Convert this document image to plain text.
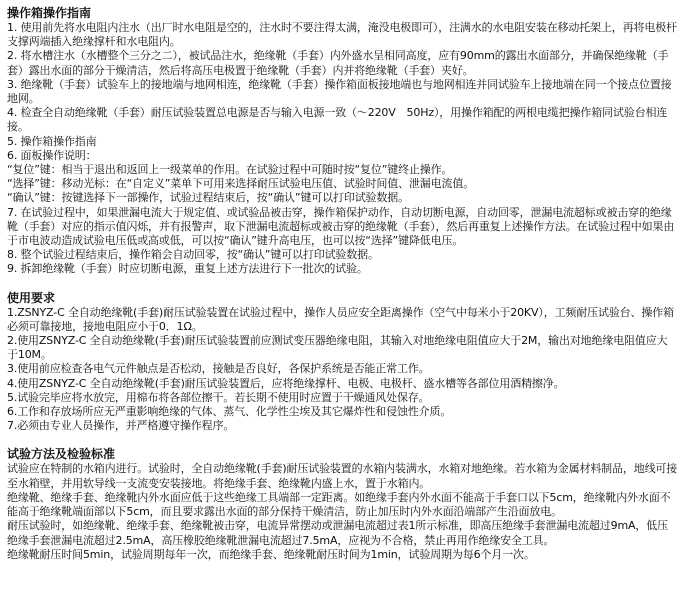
操作箱操作指南

1. 使用前先将水电阻内注水（出厂时水电阻是空的，注水时不要注得太满，淹没电极即可），注满水的水电阻安装在移动托架上，再将电极杆支撑两端插入绝缘撑杆和水电阻内。

2. 将水槽注水（水槽整个三分之二），被试品注水，绝缘靴（手套）内外盛水呈相同高度，应有90mm的露出水面部分，并确保绝缘靴（手套）露出水面的部分干燥清洁，然后将高压电极置于绝缘靴（手套）内并将绝缘靴（手套）夹好。

3. 绝缘靴（手套）试验车上的接地端与地网相连，绝缘靴（手套）操作箱面板接地端也与地网相连并同试验车上接地端在同一个接点位置接地网。

4. 检查全自动绝缘靴（手套）耐压试验装置总电源是否与输入电源一致（～220V　50Hz），用操作箱配的两根电缆把操作箱同试验台相连接。

5. 操作箱操作指南

6. 面板操作说明：

“复位”键：相当于退出和返回上一级菜单的作用。在试验过程中可随时按“复位”键终止操作。

“选择”键：移动光标：在“自定义”菜单下可用来选择耐压试验电压值、试验时间值、泄漏电流值。

“确认”键：按键选择下一部操作，试验过程结束后，按“确认”键可以打印试验数据。

7. 在试验过程中，如果泄漏电流大于规定值、或试验品被击穿，操作箱保护动作，自动切断电源，自动回零，泄漏电流超标或被击穿的绝缘靴（手套）对应的指示值闪烁，并有报警声，取下泄漏电流超标或被击穿的绝缘靴（手套），然后再重复上述操作方法。在试验过程中如果由于市电波动造成试验电压低或高或低，可以按“确认”键升高电压，也可以按“选择”键降低电压。

8. 整个试验过程结束后，操作箱会自动回零，按“确认”键可以打印试验数据。

9. 拆卸绝缘靴（手套）时应切断电源，重复上述方法进行下一批次的试验。

使用要求

1.ZSNYZ-C 全自动绝缘靴(手套)耐压试验装置在试验过程中，操作人员应安全距离操作（空气中每米小于20KV），工频耐压试验台、操作箱必须可靠接地，接地电阻应小于0．1Ω。

2.使用ZSNYZ-C 全自动绝缘靴(手套)耐压试验装置前应测试变压器绝缘电阻，其输入对地绝缘电阻值应大于2M，输出对地绝缘电阻值应大于10M。

3.使用前应检查各电气元件触点是否松动，接触是否良好，各保护系统是否能正常工作。

4.使用ZSNYZ-C 全自动绝缘靴(手套)耐压试验装置后，应将绝缘撑杆、电极、电极杆、盛水槽等各部位用酒精擦净。

5.试验完毕应将水放完，用棉布将各部位擦干。若长期不使用时应置于干燥通风处保存。

6.工作和存放场所应无严重影响绝缘的气体、蒸气、化学性尘埃及其它爆炸性和侵蚀性介质。

7.必须由专业人员操作，并严格遵守操作程序。

试验方法及检验标准

试验应在特制的水箱内进行。试验时，全自动绝缘靴(手套)耐压试验装置的水箱内装满水，水箱对地绝缘。若水箱为金属材料制品，地线可接至水箱壁，并用软导线一支流变安装接地。将绝缘手套、绝缘靴内盛上水，置于水箱内。

绝缘靴、绝缘手套、绝缘靴内外水面应低于这些绝缘工具端部一定距离。如绝缘手套内外水面不能高于手套口以下5cm，绝缘靴内外水面不能高于绝缘靴端面部以下5cm，而且要求露出水面的部分保持干燥清洁，防止加压时内外水面沿端部产生沿面放电。

耐压试验时，如绝缘靴、绝缘手套、绝缘靴被击穿，电流异常摆动或泄漏电流超过表1所示标准，即高压绝缘手套泄漏电流超过9mA，低压绝缘手套泄漏电流超过2.5mA，高压橡胶绝缘靴泄漏电流超过7.5mA，应视为不合格，禁止再用作绝缘安全工具。

绝缘靴耐压时间5min，试验周期每年一次，而绝缘手套、绝缘靴耐压时间为1min，试验周期为每6个月一次。
